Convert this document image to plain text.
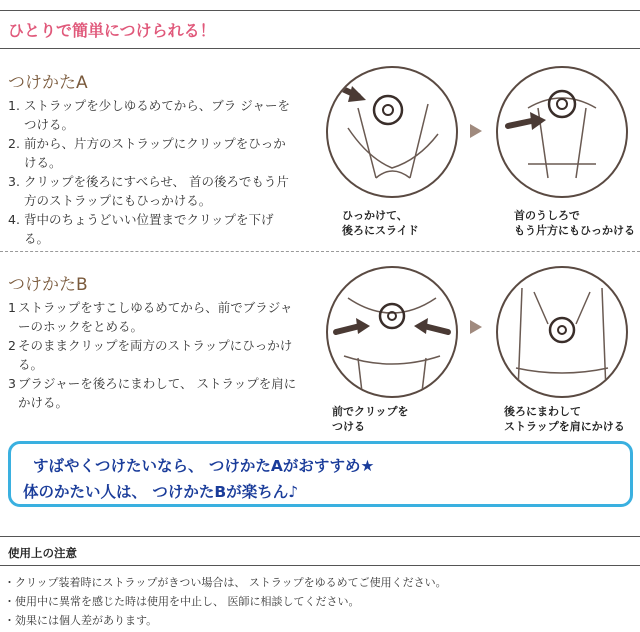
ひとりで簡単につけられる！
つけかたA
1. ストラップを少しゆるめてから、ブラ ジャーをつける。
2. 前から、片方のストラップにクリップをひっかける。
3. クリップを後ろにすべらせ、 首の後ろでもう片方のストラップにもひっかける。
4. 背中のちょうどいい位置までクリップを下げる。
ひっかけて、
後ろにスライド
首のうしろで
もう片方にもひっかける
つけかたB
1 ストラップをすこしゆるめてから、前でブラジャーのホックをとめる。
2 そのままクリップを両方のストラップにひっかける。
3 ブラジャーを後ろにまわして、 ストラップを肩にかける。
前でクリップを
つける
後ろにまわして
ストラップを肩にかける
すばやくつけたいなら、 つけかたAがおすすめ★
体のかたい人は、 つけかたBが楽ちん♪
使用上の注意
・クリップ装着時にストラップがきつい場合は、 ストラップをゆるめてご使用ください。
・使用中に異常を感じた時は使用を中止し、 医師に相談してください。
・効果には個人差があります。
